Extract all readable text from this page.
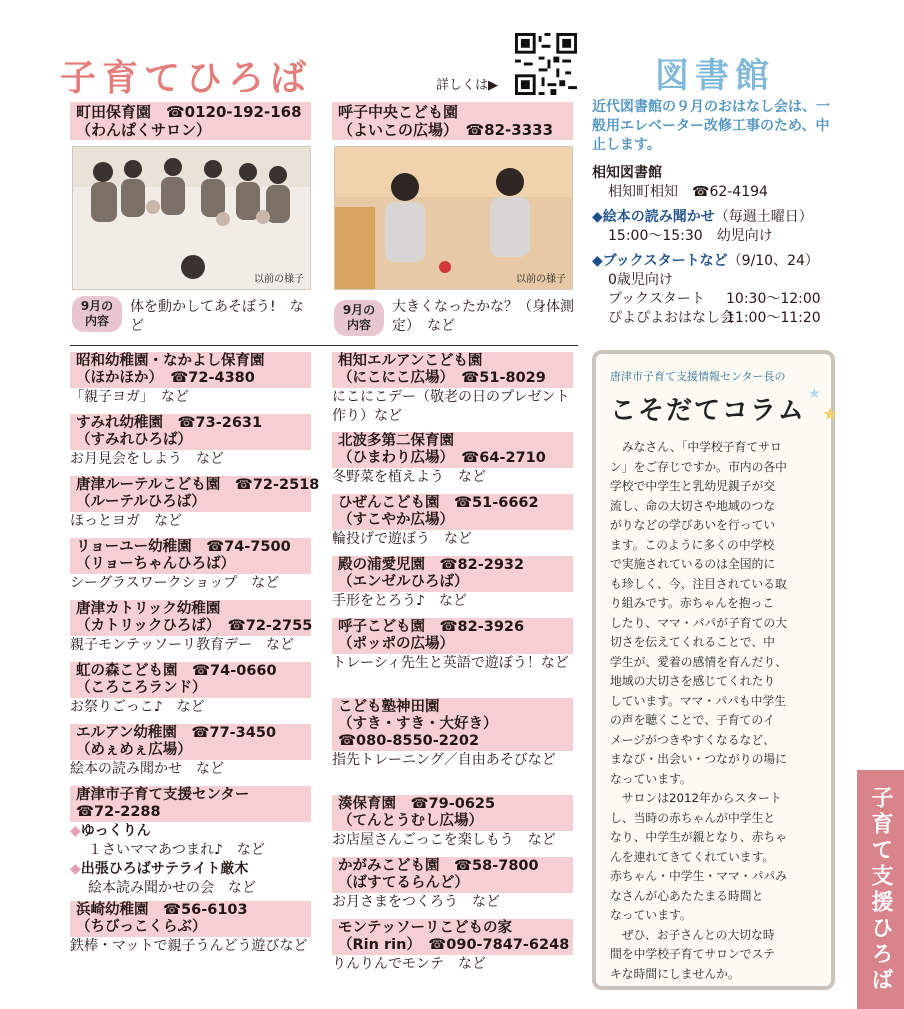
子育てひろば	詳しくは▶
町田保育園　☎0120-192-168
（わんぱくサロン）
以前の様子
9月の
内容
体を動かしてあそぼう!　など
呼子中央こども園
（よいこの広場）　☎82-3333
以前の様子
9月の
内容
大きくなったかな？（身体測定）　など
昭和幼稚園・なかよし保育園
（ほかほか）　☎72-4380
「親子ヨガ」　など
すみれ幼稚園　☎73-2631
（すみれひろば）
お月見会をしよう　など
唐津ルーテルこども園　☎72-2518
（ルーテルひろば）
ほっとヨガ　など
リョーユー幼稚園　☎74-7500
（リョーちゃんひろば）
シーグラスワークショップ　など
唐津カトリック幼稚園
（カトリックひろば）　☎72-2755
親子モンテッソーリ教育デー　など
虹の森こども園　☎74-0660
（ころころランド）
お祭りごっこ♪　など
エルアン幼稚園　☎77-3450
（めぇめぇ広場）
絵本の読み聞かせ　など
唐津市子育て支援センター
☎72-2288
◆ゆっくりん
１さいママあつまれ♪　など
◆出張ひろばサテライト厳木
絵本読み聞かせの会　など
浜崎幼稚園　☎56-6103
（ちびっこくらぶ）
鉄棒・マットで親子うんどう遊びなど
相知エルアンこども園
（にこにこ広場）　☎51-8029
にこにこデー（敬老の日のプレゼント作り）など
北波多第二保育園
（ひまわり広場）　☎64-2710
冬野菜を植えよう　など
ひぜんこども園　☎51-6662
（すこやか広場）
輪投げで遊ぼう　など
殿の浦愛児園　☎82-2932
（エンゼルひろば）
手形をとろう♪　など
呼子こども園　☎82-3926
（ポッポの広場）
トレーシィ先生と英語で遊ぼう！など
こども塾神田園
（すき・すき・大好き）
☎080-8550-2202
指先トレーニング／自由あそびなど
湊保育園　☎79-0625
（てんとうむし広場）
お店屋さんごっこを楽しもう　など
かがみこども園　☎58-7800
（ばすてるらんど）
お月さまをつくろう　など
モンテッソーリこどもの家
（Rin rin）　☎090-7847-6248
りんりんでモンテ　など
図書館
近代図書館の９月のおはなし会は、一般用エレベーター改修工事のため、中止します。
相知図書館
相知町相知　☎62-4194
◆絵本の読み聞かせ（毎週土曜日）
15:00～15:30　幼児向け
◆ブックスタートなど（9/10、24）
0歳児向け
ブックスタート 10:30～12:00
ぴよぴよおはなし会11:00～11:20
唐津市子育て支援情報センター長の
こそだてコラム
★
★
　みなさん、「中学校子育てサロ
ン」をご存じですか。市内の各中
学校で中学生と乳幼児親子が交
流し、命の大切さや地域のつな
がりなどの学びあいを行ってい
ます。このように多くの中学校
で実施されているのは全国的に
も珍しく、今、注目されている取
り組みです。赤ちゃんを抱っこ
したり、ママ・パパが子育ての大
切さを伝えてくれることで、中
学生が、愛着の感情を育んだり、
地域の大切さを感じてくれたり
しています。ママ・パパも中学生
の声を聴くことで、子育てのイ
メージがつきやすくなるなど、
まなび・出会い・つながりの場に
なっています。
　サロンは2012年からスタート
し、当時の赤ちゃんが中学生と
なり、中学生が親となり、赤ちゃ
んを連れてきてくれています。
赤ちゃん・中学生・ママ・パパみ
なさんが心あたたまる時間と
なっています。
　ぜひ、お子さんとの大切な時
間を中学校子育てサロンでステ
キな時間にしませんか。	子育て支援ひろば
